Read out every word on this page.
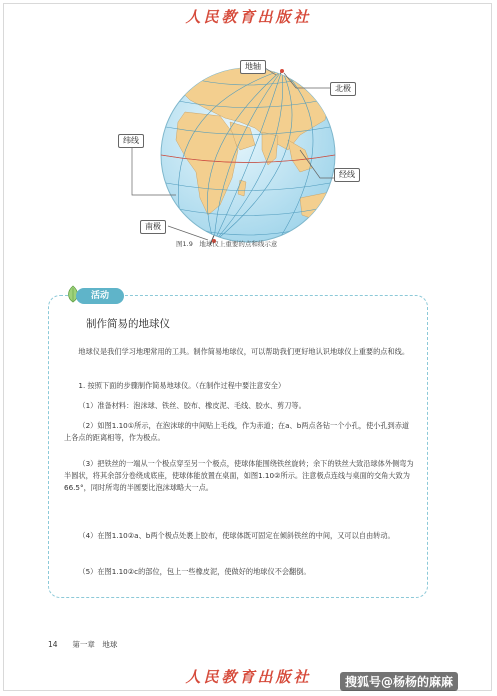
人民教育出版社
地轴
北极
纬线
经线
南极
图1.9　地球仪上重要的点和线示意
活动
制作简易的地球仪
地球仪是我们学习地理常用的工具。制作简易地球仪，可以帮助我们更好地认识地球仪上重要的点和线。
1. 按照下面的步骤制作简易地球仪。（在制作过程中要注意安全）
（1）准备材料：泡沫球、铁丝、胶布、橡皮泥、毛线、胶水、剪刀等。
（2）如图1.10①所示，在泡沫球的中间贴上毛线，作为赤道；在a、b两点各钻一个小孔，使小孔到赤道上各点的距离相等，作为极点。
（3）把铁丝的一端从一个极点穿至另一个极点，使球体能围绕铁丝旋转；余下的铁丝大致沿球体外侧弯为半圆状，将其余部分卷绕成底座，使球体能放置在桌面，如图1.10②所示。注意极点连线与桌面的交角大致为66.5°，同时所弯的半圆要比泡沫球略大一点。
（4）在图1.10②a、b两个极点处裹上胶布，使球体既可固定在倾斜铁丝的中间，又可以自由转动。
（5）在图1.10②c的部位，包上一些橡皮泥，使做好的地球仪不会翻倒。
14 第一章　地球
人民教育出版社	搜狐号@杨杨的麻麻
